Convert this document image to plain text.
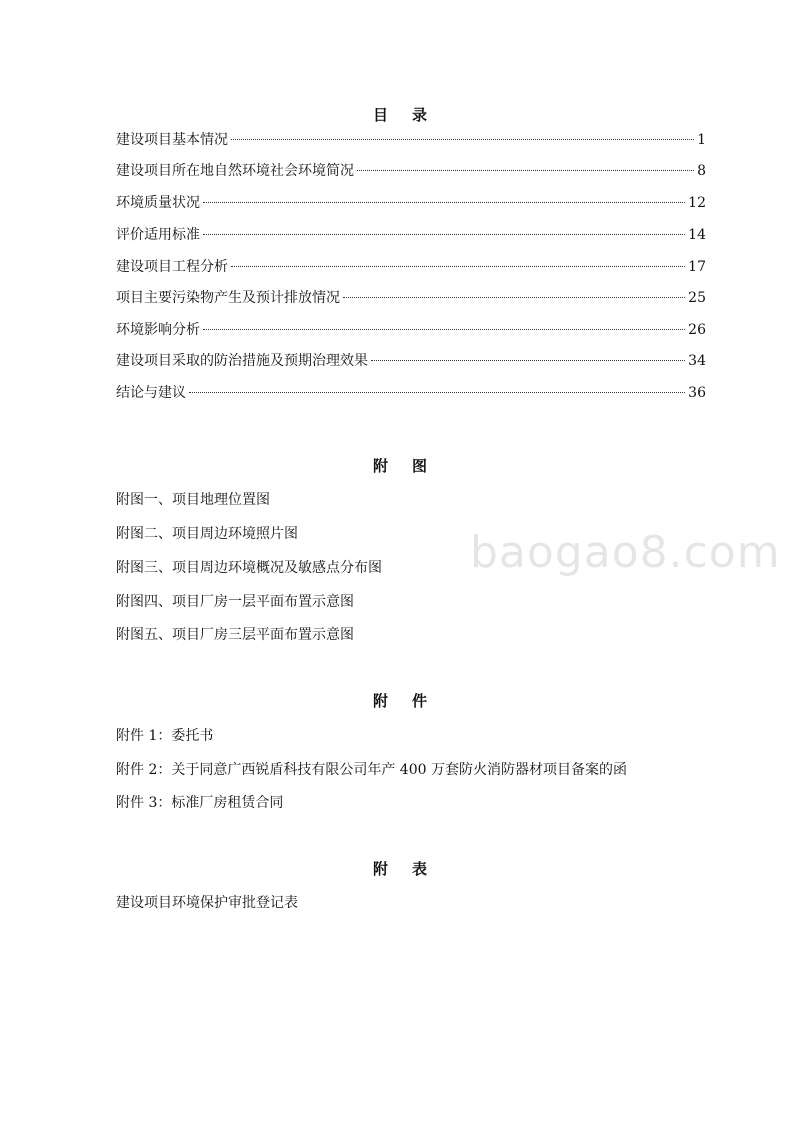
目录
建设项目基本情况	1
建设项目所在地自然环境社会环境简况	8
环境质量状况	12
评价适用标准	14
建设项目工程分析	17
项目主要污染物产生及预计排放情况	25
环境影响分析	26
建设项目采取的防治措施及预期治理效果	34
结论与建议	36
附图
附图一、项目地理位置图
附图二、项目周边环境照片图
附图三、项目周边环境概况及敏感点分布图
附图四、项目厂房一层平面布置示意图
附图五、项目厂房三层平面布置示意图
附件
附件 1：委托书
附件 2：关于同意广西锐盾科技有限公司年产 400 万套防火消防器材项目备案的函
附件 3：标准厂房租赁合同
附表
建设项目环境保护审批登记表
baogao8.com
